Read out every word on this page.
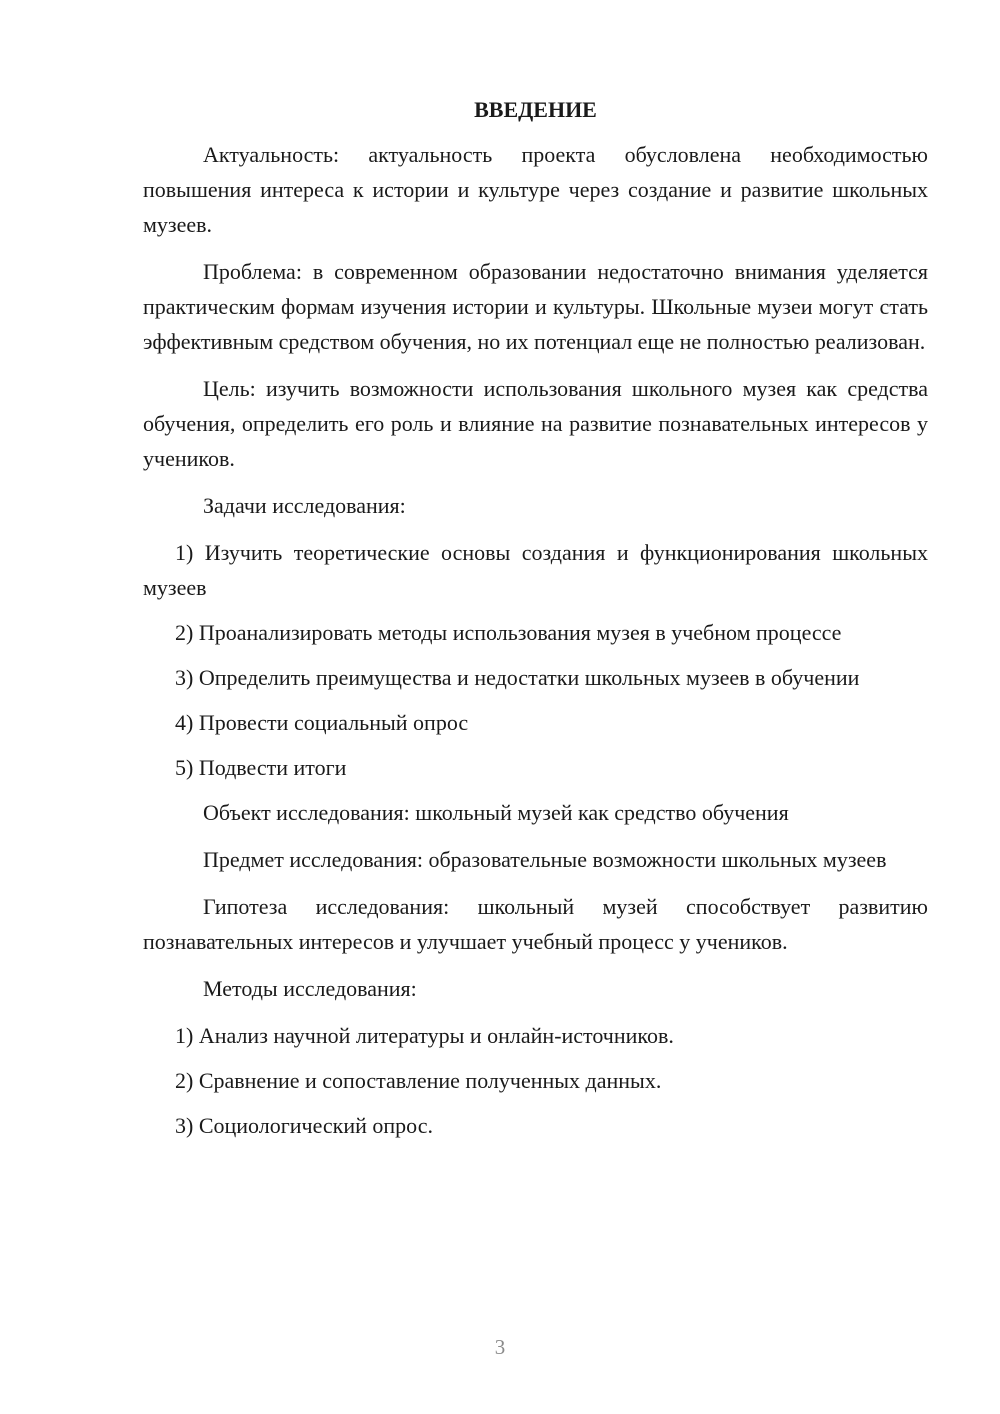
ВВЕДЕНИЕ

Актуальность: актуальность проекта обусловлена необходимостью повышения интереса к истории и культуре через создание и развитие школьных музеев.

Проблема: в современном образовании недостаточно внимания уделяется практическим формам изучения истории и культуры. Школьные музеи могут стать эффективным средством обучения, но их потенциал еще не полностью реализован.

Цель: изучить возможности использования школьного музея как средства обучения, определить его роль и влияние на развитие познавательных интересов у учеников.

Задачи исследования:

1) Изучить теоретические основы создания и функционирования школьных музеев

2) Проанализировать методы использования музея в учебном процессе

3) Определить преимущества и недостатки школьных музеев в обучении

4) Провести социальный опрос

5) Подвести итоги

Объект исследования: школьный музей как средство обучения

Предмет исследования: образовательные возможности школьных музеев

Гипотеза исследования: школьный музей способствует развитию познавательных интересов и улучшает учебный процесс у учеников.

Методы исследования:

1) Анализ научной литературы и онлайн-источников.

2) Сравнение и сопоставление полученных данных.

3) Социологический опрос.

3
